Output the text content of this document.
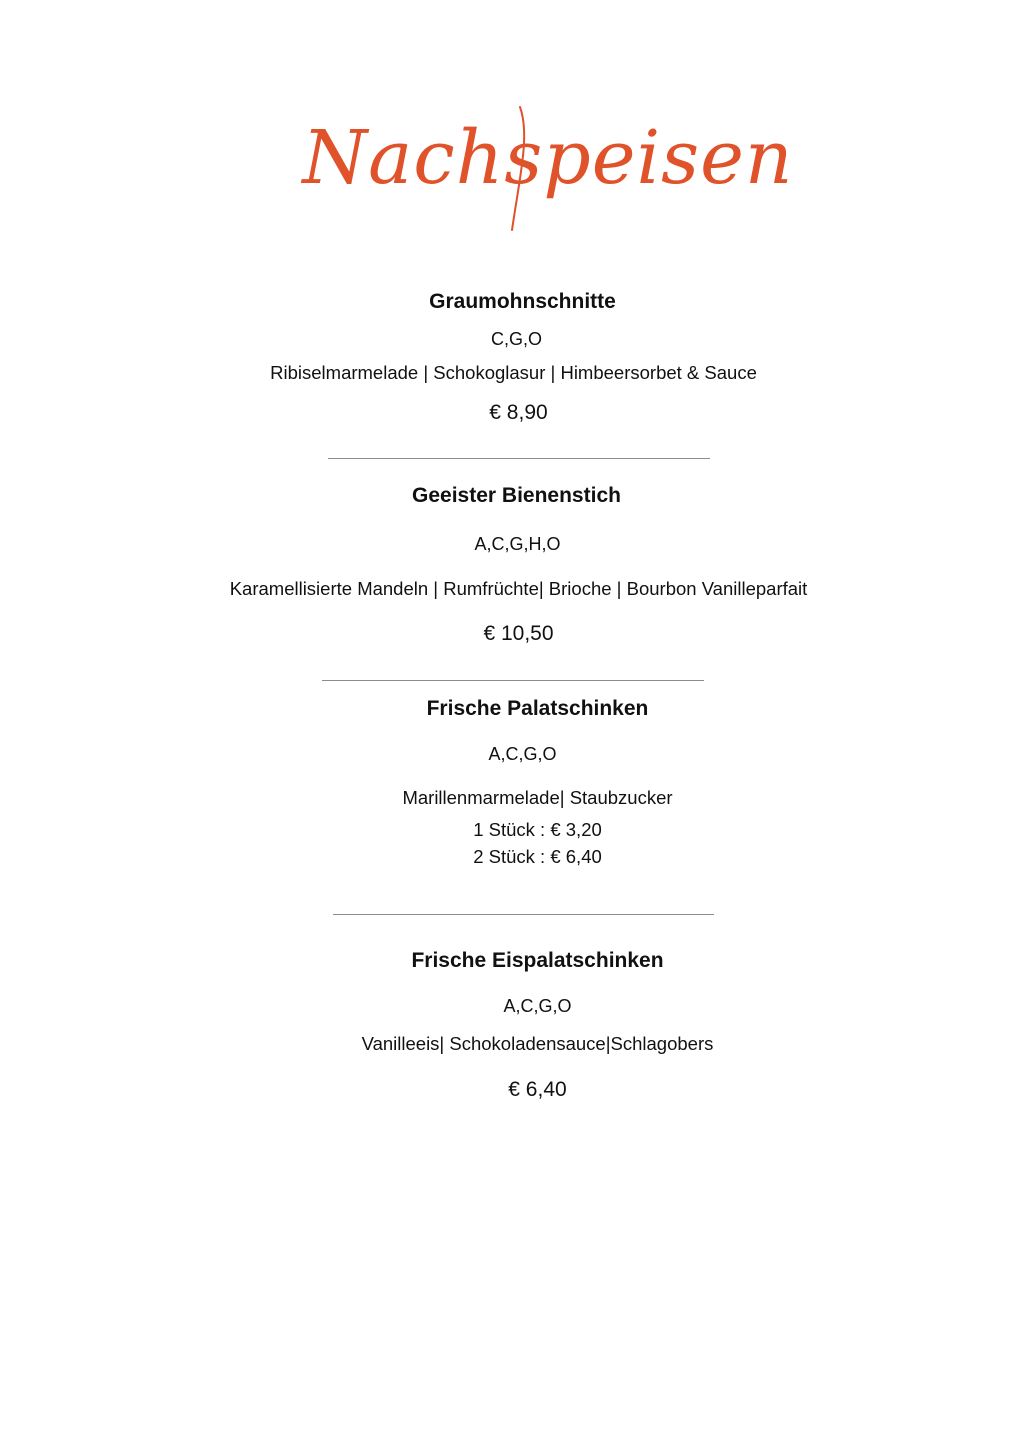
Nachspeisen
Graumohnschnitte
C,G,O
Ribiselmarmelade | Schokoglasur | Himbeersorbet & Sauce
€ 8,90
Geeister Bienenstich
A,C,G,H,O
Karamellisierte Mandeln | Rumfrüchte| Brioche | Bourbon Vanilleparfait
€ 10,50
Frische Palatschinken
A,C,G,O
Marillenmarmelade| Staubzucker
1 Stück : € 3,20
2 Stück : € 6,40
Frische Eispalatschinken
A,C,G,O
Vanilleeis| Schokoladensauce|Schlagobers
€ 6,40
